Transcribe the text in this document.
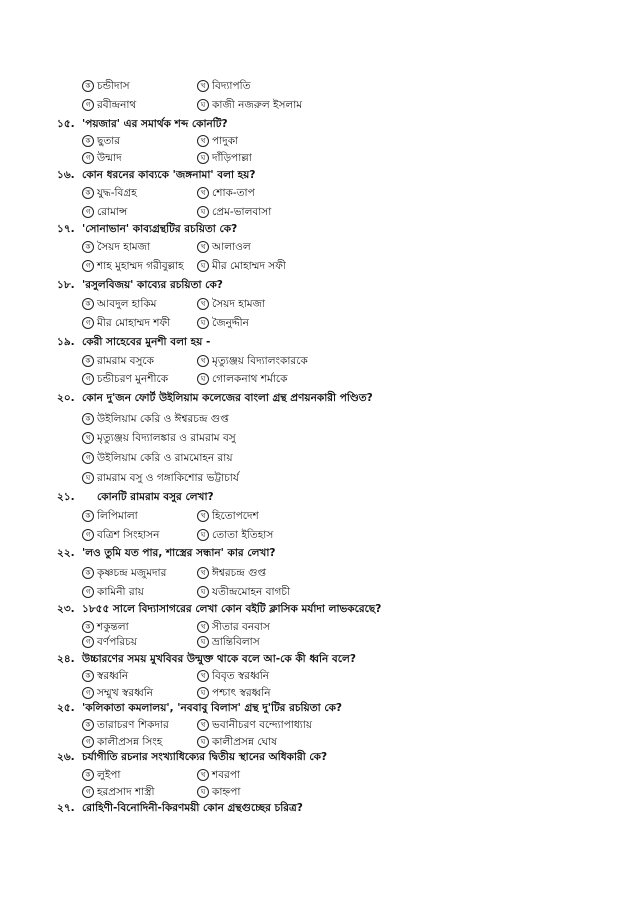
ক চন্ডীদাস	খ বিদ্যাপতি
গ রবীন্দ্রনাথ	ঘ কাজী নজরুল ইসলাম
১৫. 'পয়জার' এর সমার্থক শব্দ কোনটি?
ক ছুতার	খ পাদুকা
গ উন্মাদ	ঘ দাঁড়িপাল্লা
১৬. কোন ধরনের কাব্যকে 'জঙ্গনামা' বলা হয়?
ক যুদ্ধ-বিগ্রহ	খ শোক-তাপ
গ রোমান্স	ঘ প্রেম-ভালবাসা
১৭. 'সোনাভান' কাব্যগ্রন্থটির রচয়িতা কে?
ক সৈয়দ হামজা	খ আলাওল
গ শাহ মুহাম্মদ গরীবুল্লাহ	ঘ মীর মোহাম্মদ সফী
১৮. 'রসুলবিজয়' কাব্যের রচয়িতা কে?
ক আবদুল হাকিম	খ সৈয়দ হামজা
গ মীর মোহাম্মদ শফী	ঘ জৈনুদ্দীন
১৯. কেরী সাহেবের মুনশী বলা হয় -
ক রামরাম বসুকে	খ মৃত্যুঞ্জয় বিদ্যালংকারকে
গ চন্ডীচরণ মুনশীকে	ঘ গোলকনাথ শর্মাকে
২০. কোন দু'জন ফোর্ট উইলিয়াম কলেজের বাংলা গ্রন্থ প্রণয়নকারী পণ্ডিত?
ক উইলিয়াম কেরি ও ঈশ্বরচন্দ্র গুপ্ত
খ মৃত্যুঞ্জয় বিদ্যালঙ্কার ও রামরাম বসু
গ উইলিয়াম কেরি ও রামমোহন রায়
ঘ রামরাম বসু ও গঙ্গাকিশোর ভট্টাচার্য
২১. কোনটি রামরাম বসুর লেখা?
ক লিপিমালা	খ হিতোপদেশ
গ বত্রিশ সিংহাসন	ঘ তোতা ইতিহাস
২২. 'লও তুমি যত পার, শাস্ত্রের সন্ধান' কার লেখা?
ক কৃষ্ণচন্দ্র মজুমদার	খ ঈশ্বরচন্দ্র গুপ্ত
গ কামিনী রায়	ঘ যতীন্দ্রমোহন বাগচী
২৩. ১৮৫৫ সালে বিদ্যাসাগরের লেখা কোন বইটি ক্লাসিক মর্যাদা লাভকরেছে?
ক শকুন্তলা	খ সীতার বনবাস
গ বর্ণপরিচয়	ঘ ভ্রান্তিবিলাস
২৪. উচ্চারণের সময় মুখবিবর উন্মুক্ত থাকে বলে আ-কে কী ধ্বনি বলে?
ক স্বরধ্বনি	খ বিবৃত স্বরধ্বনি
গ সম্মুখ স্বরধ্বনি	ঘ পশ্চাৎ স্বরধ্বনি
২৫. 'কলিকাতা কমলালয়', 'নববাবু বিলাস' গ্রন্থ দু'টির রচয়িতা কে?
ক তারাচরণ শিকদার	খ ভবানীচরণ বন্দ্যোপাধ্যায়
গ কালীপ্রসন্ন সিংহ	ঘ কালীপ্রসন্ন ঘোষ
২৬. চর্যাগীতি রচনার সংখ্যাধিক্যের দ্বিতীয় স্থানের অধিকারী কে?
ক লুইপা	খ শবরপা
গ হরপ্রসাদ শাস্ত্রী	ঘ কাহ্নপা
২৭. রোহিণী-বিনোদিনী-কিরণময়ী কোন গ্রন্থগুচ্ছের চরিত্র?
